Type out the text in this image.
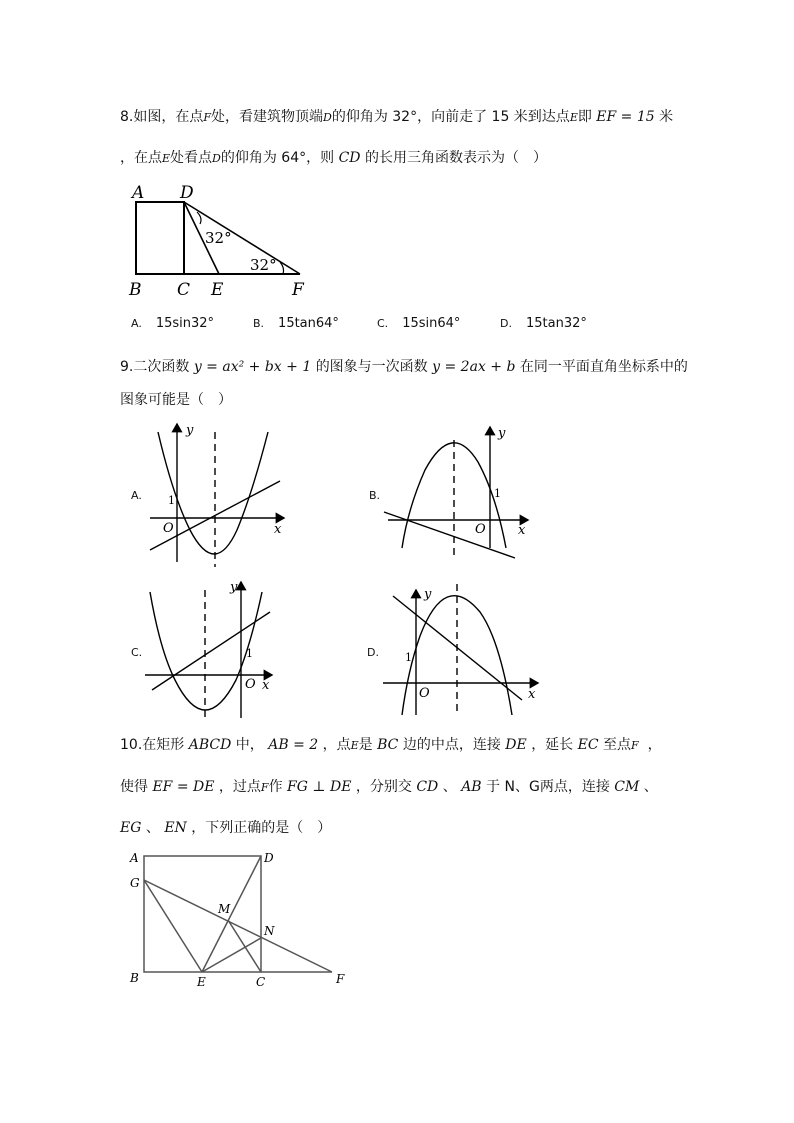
8.如图，在点F处，看建筑物顶端D的仰角为 32°，向前走了 15 米到达点E即 EF = 15 米
，在点E处看点D的仰角为 64°，则 CD 的长用三角函数表示为（　）
A D
B C E	F
32°
32°
A. 15sin32°	B. 15tan64°	C. 15sin64°	D. 15tan32°
9.二次函数 y = ax² + bx + 1 的图象与一次函数 y = 2ax + b 在同一平面直角坐标系中的
图象可能是（　）
y
x
O
1
y
x
O
1
y
x
O
1
y
x
O
1
A.	B.
C.	D.
10.在矩形 ABCD 中， AB = 2 ，点E是 BC 边的中点，连接 DE ，延长 EC 至点F ，
使得 EF = DE ，过点F作 FG ⊥ DE ，分别交 CD 、 AB 于 N、G两点，连接 CM 、
EG 、 EN ，下列正确的是（　）
A	D
G
M
N
B	E	C	F
